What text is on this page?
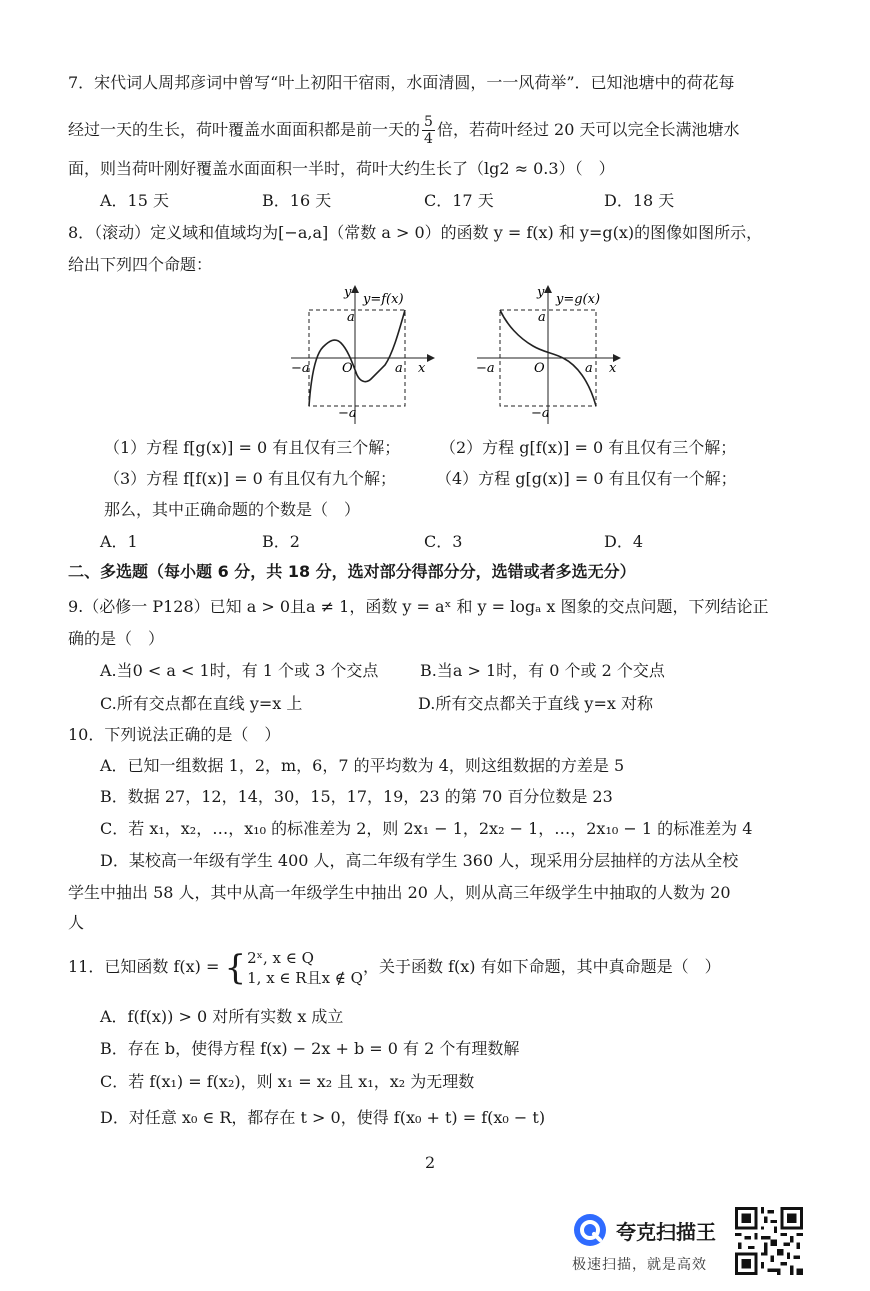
7．宋代词人周邦彦词中曾写“叶上初阳干宿雨，水面清圆，一一风荷举”．已知池塘中的荷花每
经过一天的生长，荷叶覆盖水面面积都是前一天的 $\frac{5}{4}$ 倍，若荷叶经过 20 天可以完全长满池塘水
面，则当荷叶刚好覆盖水面面积一半时，荷叶大约生长了（lg2 ≈ 0.3）（　）
A．15 天	B．16 天	C．17 天	D．18 天
8．（滚动）定义域和值域均为[−a,a]（常数 a > 0）的函数 y = f(x) 和 y=g(x)的图像如图所示，
给出下列四个命题：
y y=f(x)
a
−a O	a x
−a
y y=g(x)
a
−a	O	a x
−a
（1）方程 f[g(x)] = 0 有且仅有三个解； （2）方程 g[f(x)] = 0 有且仅有三个解；
（3）方程 f[f(x)] = 0 有且仅有九个解；	（4）方程 g[g(x)] = 0 有且仅有一个解；
那么，其中正确命题的个数是（　）
A．1	B．2	C．3	D．4
二、多选题（每小题 6 分，共 18 分，选对部分得部分分，选错或者多选无分）
9.（必修一 P128）已知 a > 0且a ≠ 1，函数 y = aˣ 和 y = logₐ x 图象的交点问题，下列结论正
确的是（　）
A.当0 < a < 1时，有 1 个或 3 个交点	B.当a > 1时，有 0 个或 2 个交点
C.所有交点都在直线 y=x 上	D.所有交点都关于直线 y=x 对称
10．下列说法正确的是（　）
A．已知一组数据 1，2，m，6，7 的平均数为 4，则这组数据的方差是 5
B．数据 27，12，14，30，15，17，19，23 的第 70 百分位数是 23
C．若 x₁，x₂，…，x₁₀ 的标准差为 2，则 2x₁ − 1，2x₂ − 1，…，2x₁₀ − 1 的标准差为 4
D．某校高一年级有学生 400 人，高二年级有学生 360 人，现采用分层抽样的方法从全校
学生中抽出 58 人，其中从高一年级学生中抽出 20 人，则从高三年级学生中抽取的人数为 20
人
11．已知函数 f(x) = { 2ˣ, x ∈ Q
1, x ∈ R且x ∉ Q
，关于函数 f(x) 有如下命题，其中真命题是（　）
A．f(f(x)) > 0 对所有实数 x 成立
B．存在 b，使得方程 f(x) − 2x + b = 0 有 2 个有理数解
C．若 f(x₁) = f(x₂)，则 x₁ = x₂ 且 x₁，x₂ 为无理数
D．对任意 x₀ ∈ R，都存在 t > 0，使得 f(x₀ + t) = f(x₀ − t)
2
夸克扫描王
极速扫描，就是高效
